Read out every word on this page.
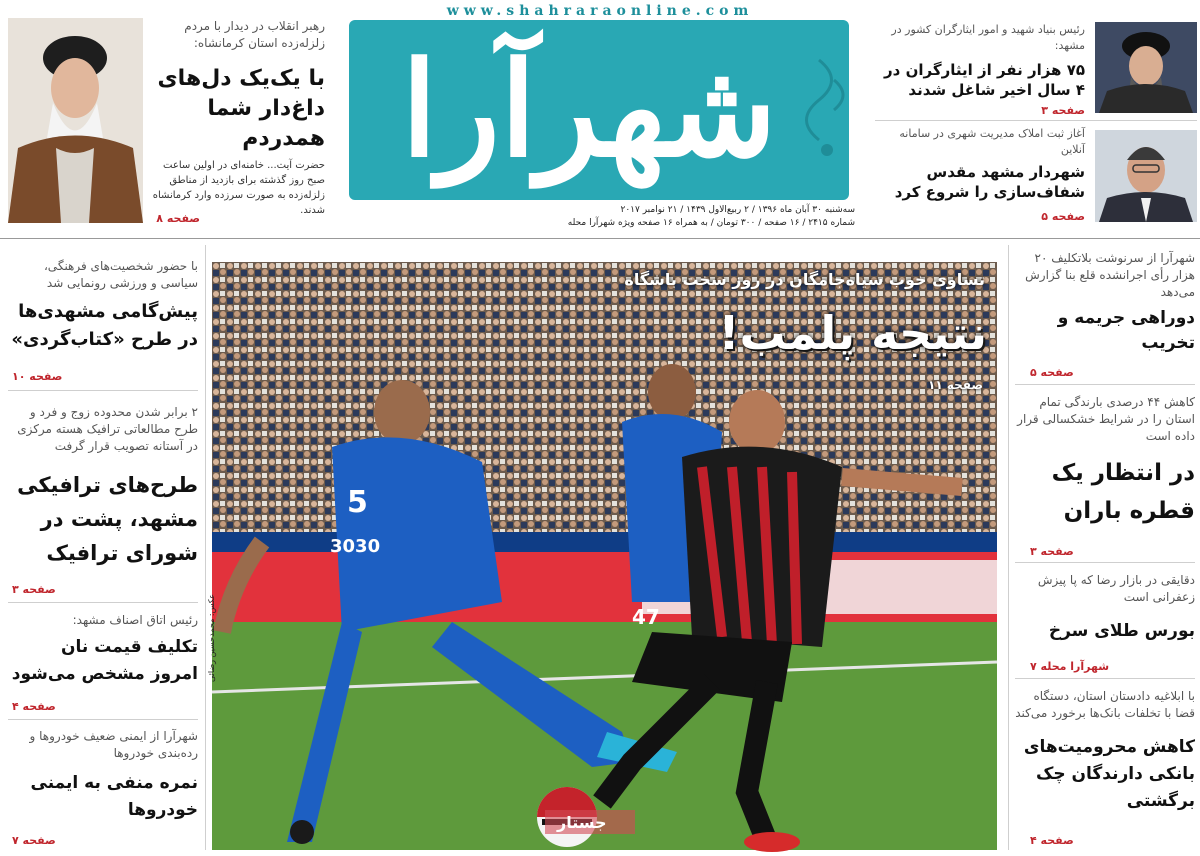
www.shahraraonline.com
شهرآرا
سه‌شنبه ۳۰ آبان ماه ۱۳۹۶ / ۲ ربیع‌الاول ۱۴۳۹ / ۲۱ نوامبر ۲۰۱۷
شماره ۲۴۱۵ / ۱۶ صفحه / ۳۰۰ تومان / به همراه ۱۶ صفحه ویژه شهرآرا محله
رهبر انقلاب در دیدار با مردم زلزله‌زده استان کرمانشاه:
با یک‌یک دل‌های داغ‌دار شما همدردم
حضرت آیت... خامنه‌ای در اولین ساعت صبح روز گذشته برای بازدید از مناطق زلزله‌زده به صورت سرزده وارد کرمانشاه شدند.
صفحه ۸
رئیس بنیاد شهید و امور ایثارگران کشور در مشهد:
۷۵ هزار نفر از ایثارگران در ۴ سال اخیر شاغل شدند
صفحه ۳
آغاز ثبت املاک مدیریت شهری در سامانه آنلاین
شهردار مشهد مقدس شفاف‌سازی را شروع کرد
صفحه ۵
با حضور شخصیت‌های فرهنگی، سیاسی و ورزشی رونمایی شد
پیش‌گامی مشهدی‌ها در طرح «کتاب‌گردی»
صفحه ۱۰
۲ برابر شدن محدوده زوج و فرد و طرح مطالعاتی ترافیک هسته مرکزی در آستانه تصویب قرار گرفت
طرح‌های ترافیکی مشهد، پشت در شورای ترافیک
صفحه ۳
رئیس اتاق اصناف مشهد:
تکلیف قیمت نان امروز مشخص می‌شود
صفحه ۴
شهرآرا از ایمنی ضعیف خودروها و رده‌بندی خودرو‌ها
نمره منفی به ایمنی خودروها
صفحه ۷
شهرآرا از سرنوشت بلاتکلیف ۲۰ هزار رأی اجرانشده قلع بنا گزارش می‌دهد
دوراهی جریمه و تخریب
صفحه ۵
کاهش ۴۴ درصدی بارندگی تمام استان را در شرایط خشکسالی قرار داده است
در انتظار یک قطره باران
صفحه ۳
دقایقی در بازار رضا که پا پیزش زعفرانی است
بورس طلای سرخ
شهرآرا محله ۷
با ابلاغیه دادستان استان، دستگاه قضا با تخلفات بانک‌ها برخورد می‌کند
کاهش محرومیت‌های بانکی دارندگان چک برگشتی
صفحه ۴
5
3030
47
جستار
عکس: محمدحسین رضائی
تساوی خوب سیاه‌جامگان در روز سخت باشگاه
نتیجه پلمب!
صفحه ۱۱
